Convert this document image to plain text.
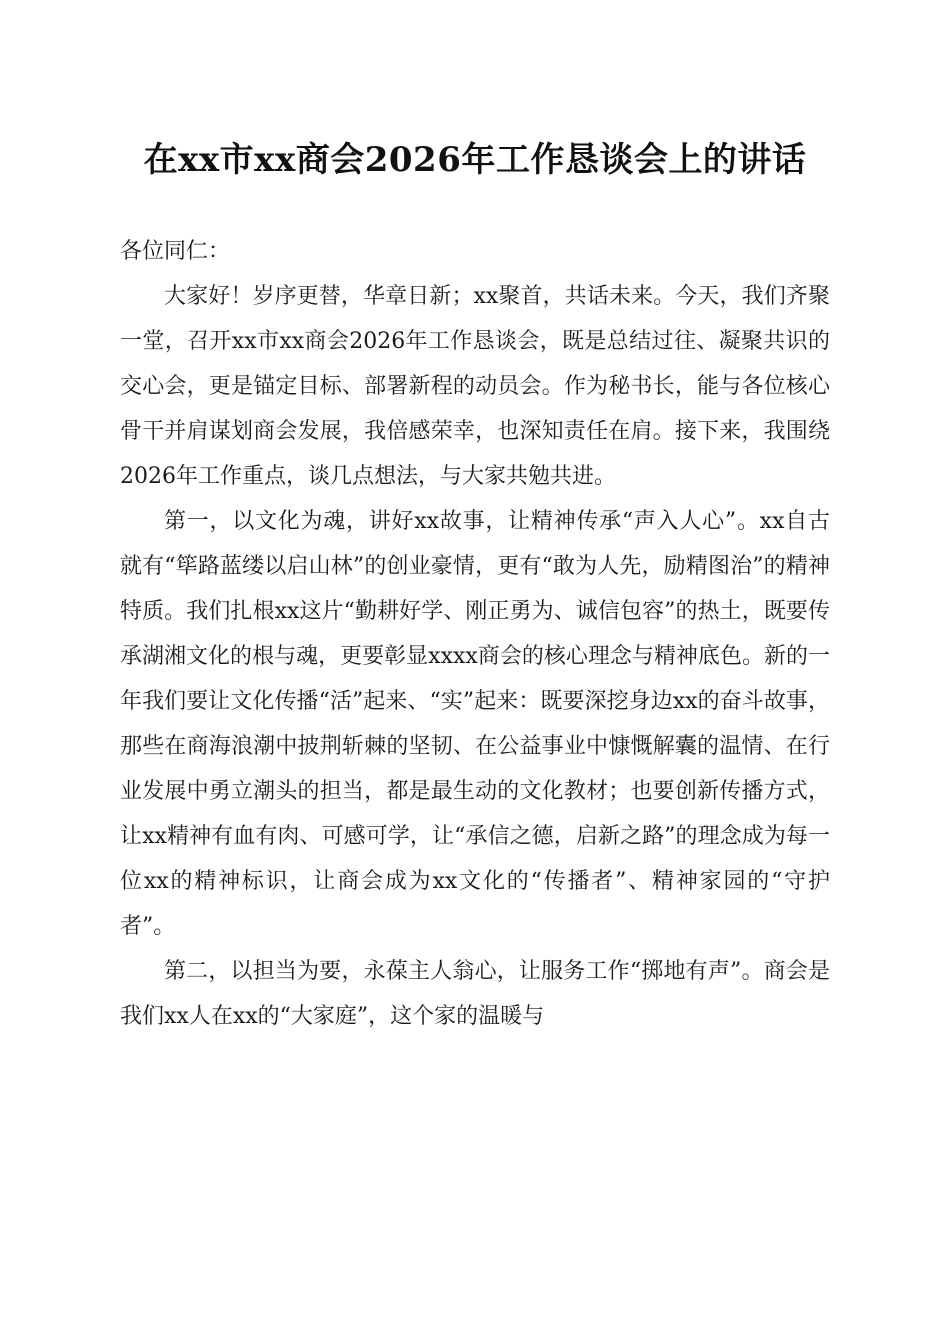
在xx市xx商会2026年工作恳谈会上的讲话

各位同仁：

大家好！岁序更替，华章日新；xx聚首，共话未来。今天，我们齐聚一堂，召开xx市xx商会2026年工作恳谈会，既是总结过往、凝聚共识的交心会，更是锚定目标、部署新程的动员会。作为秘书长，能与各位核心骨干并肩谋划商会发展，我倍感荣幸，也深知责任在肩。接下来，我围绕2026年工作重点，谈几点想法，与大家共勉共进。

第一，以文化为魂，讲好xx故事，让精神传承“声入人心”。xx自古就有“筚路蓝缕以启山林”的创业豪情，更有“敢为人先，励精图治”的精神特质。我们扎根xx这片“勤耕好学、刚正勇为、诚信包容”的热土，既要传承湖湘文化的根与魂，更要彰显xxxx商会的核心理念与精神底色。新的一年我们要让文化传播“活”起来、“实”起来：既要深挖身边xx的奋斗故事，那些在商海浪潮中披荆斩棘的坚韧、在公益事业中慷慨解囊的温情、在行业发展中勇立潮头的担当，都是最生动的文化教材；也要创新传播方式，让xx精神有血有肉、可感可学，让“承信之德，启新之路”的理念成为每一位xx的精神标识，让商会成为xx文化的“传播者”、精神家园的“守护者”。

第二，以担当为要，永葆主人翁心，让服务工作“掷地有声”。商会是我们xx人在xx的“大家庭”，这个家的温暖与
